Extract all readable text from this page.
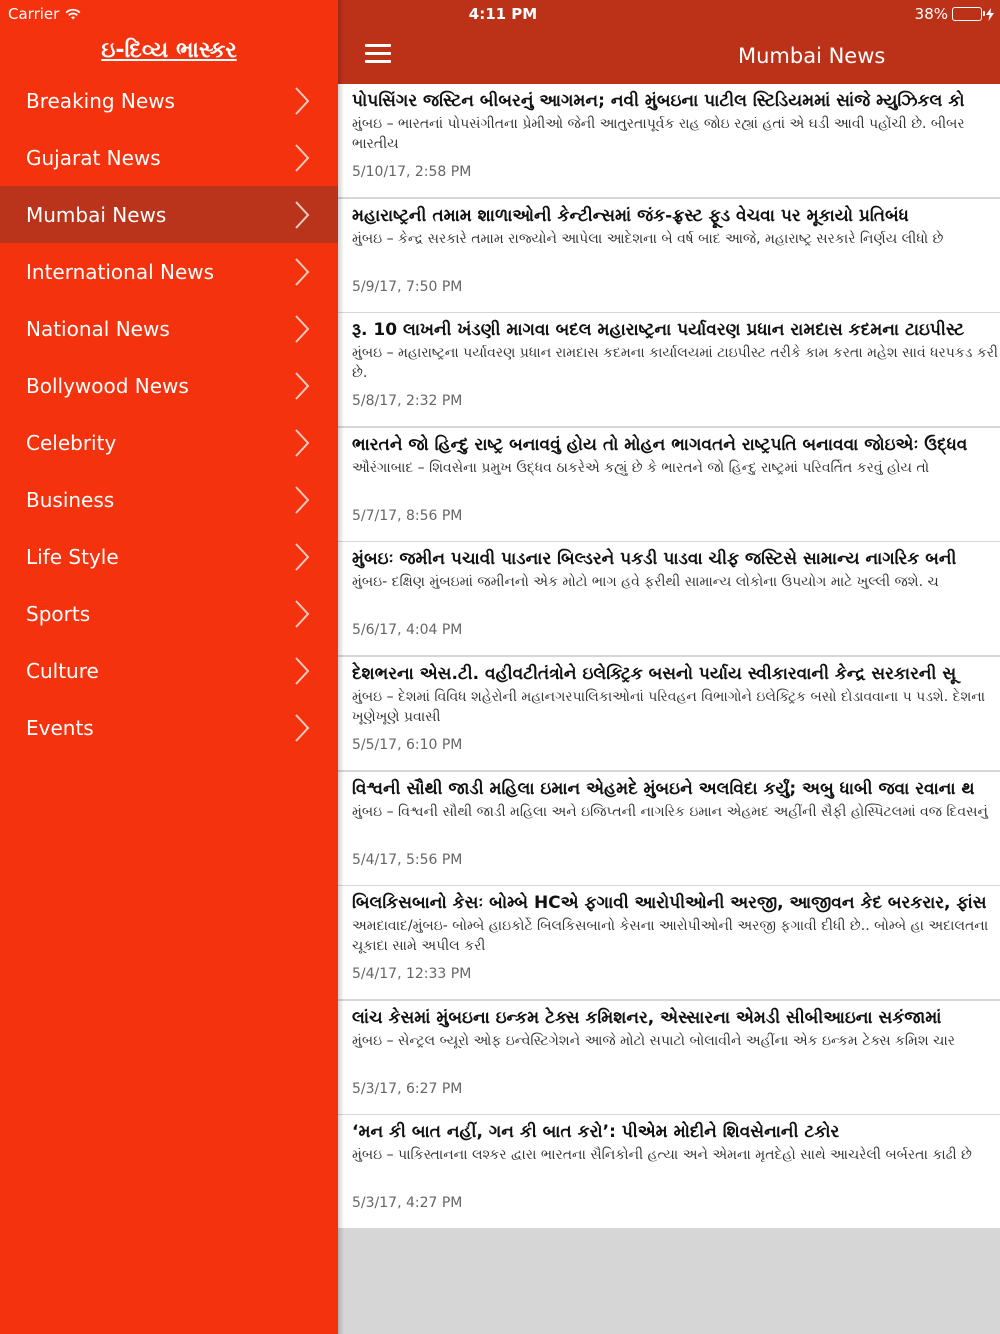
Carrier
ઇ-દિવ્ય ભાસ્કર
Breaking News
Gujarat News
Mumbai News
International News
National News
Bollywood News
Celebrity
Business
Life Style
Sports
Culture
Events
4:11 PM	38%
Mumbai News
પોપસિંગર જસ્ટિન બીબરનું આગમન; નવી મુંબઇના પાટીલ સ્ટિડિયમમાં સાંજે મ્યુઝિકલ કો
મુંબઇ – ભારતનાં પોપસંગીતના પ્રેમીઓ જેની આતુરતાપૂર્વક રાહ જોઇ રહ્યાં હતાં એ ઘડી આવી પહોંચી છે. બીબર ભારતીય
5/10/17, 2:58 PM
મહારાષ્ટ્રની તમામ શાળાઓની કેન્ટીન્સમાં જંક-ફ્રસ્ટ ફૂડ વેચવા પર મૂકાયો પ્રતિબંધ
મુંબઇ – કેન્દ્ર સરકારે તમામ રાજ્યોને આપેલા આદેશના બે વર્ષ બાદ આજે, મહારાષ્ટ્ર સરકારે નિર્ણય લીધો છે
5/9/17, 7:50 PM
રૂ. 10 લાખની ખંડણી માગવા બદલ મહારાષ્ટ્રના પર્યાવરણ પ્રધાન રામદાસ કદમના ટાઇપીસ્ટ
મુંબઇ – મહારાષ્ટ્રના પર્યાવરણ પ્રધાન રામદાસ કદમના કાર્યાલયમાં ટાઇપીસ્ટ તરીકે કામ કરતા મહેશ સાવં ધરપકડ કરી છે.
5/8/17, 2:32 PM
ભારતને જો હિન્દુ રાષ્ટ્ર બનાવવું હોય તો મોહન ભાગવતને રાષ્ટ્રપતિ બનાવવા જોઇએઃ ઉદ્ધવ
ઔરંગાબાદ – શિવસેના પ્રમુખ ઉદ્ધવ ઠાકરેએ કહ્યું છે કે ભારતને જો હિન્દુ રાષ્ટ્રમાં પરિવર્તિત કરવું હોય તો
5/7/17, 8:56 PM
મુંબઇઃ જમીન પચાવી પાડનાર બિલ્ડરને પકડી પાડવા ચીફ જસ્ટિસે સામાન્ય નાગરિક બની
મુંબઇ- દક્ષિણ મુંબઇમાં જમીનનો એક મોટો ભાગ હવે ફરીથી સામાન્ય લોકોના ઉપયોગ માટે ખુલ્લી જશે. ચ
5/6/17, 4:04 PM
દેશભરના એસ.ટી. વહીવટીતંત્રોને ઇલેક્ટ્રિક બસનો પર્યાય સ્વીકારવાની કેન્દ્ર સરકારની સૂ
મુંબઇ – દેશમાં વિવિધ શહેરોની મહાનગરપાલિકાઓનાં પરિવહન વિભાગોને ઇલેક્ટ્રિક બસો દોડાવવાના પ પડશે. દેશના ખૂણેખૂણે પ્રવાસી
5/5/17, 6:10 PM
વિશ્વની સૌથી જાડી મહિલા ઇમાન એહમદે મુંબઇને અલવિદા કર્યું; અબુ ધાબી જવા રવાના થ
મુંબઇ – વિશ્વની સૌથી જાડી મહિલા અને ઇજિપ્તની નાગરિક ઇમાન એહમદ અહીંની સૈફી હોસ્પિટલમાં વજ દિવસનું
5/4/17, 5:56 PM
બિલકિસબાનો કેસઃ બોમ્બે HCએ ફગાવી આરોપીઓની અરજી, આજીવન કેદ બરકરાર, ફાંસ
અમદાવાદ/મુંબઇ- બોમ્બે હાઇકોર્ટે બિલકિસબાનો કેસના આરોપીઓની અરજી ફગાવી દીધી છે.. બોમ્બે હા અદાલતના ચૂકાદા સામે અપીલ કરી
5/4/17, 12:33 PM
લાંચ કેસમાં મુંબઇના ઇન્કમ ટેક્સ કમિશનર, એસ્સારના એમડી સીબીઆઇના સકંજામાં
મુંબઇ – સેન્ટ્રલ બ્યૂરો ઓફ ઇન્વેસ્ટિગેશને આજે મોટો સપાટો બોલાવીને અહીંના એક ઇન્કમ ટેક્સ કમિશ ચાર
5/3/17, 6:27 PM
‘મન કી બાત નહીં, ગન કી બાત કરો’: પીએમ મોદીને શિવસેનાની ટકોર
મુંબઇ – પાકિસ્તાનના લશ્કર દ્વારા ભારતના સૈનિકોની હત્યા અને એમના મૃતદેહો સાથે આચરેલી બર્બરતા કાઢી છે
5/3/17, 4:27 PM
